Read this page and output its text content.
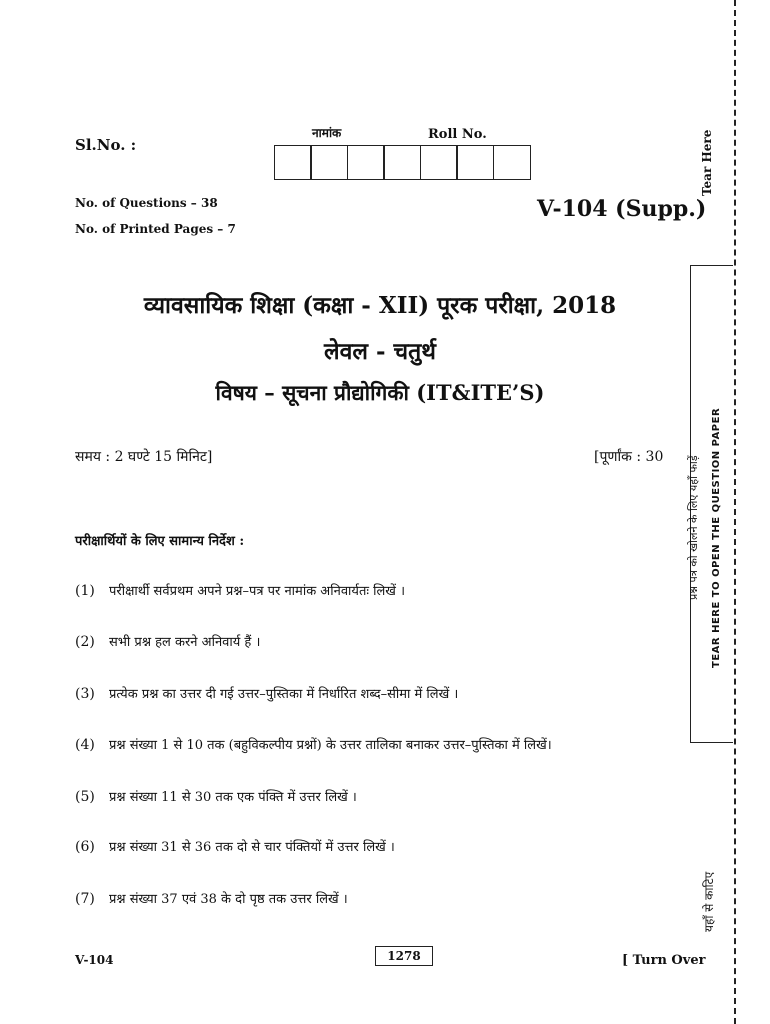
Sl.No. :
नामांक	Roll No.	Tear Here
No. of Questions – 38
No. of Printed Pages – 7
V-104 (Supp.)
व्यावसायिक शिक्षा (कक्षा - XII) पूरक परीक्षा, 2018
लेवल - चतुर्थ
विषय – सूचना प्रौद्योगिकी (IT&ITE’S)
समय : 2 घण्टे 15 मिनिट]	[पूर्णांक : 30
परीक्षार्थियों के लिए सामान्य निर्देश :
(1) परीक्षार्थी सर्वप्रथम अपने प्रश्न–पत्र पर नामांक अनिवार्यतः लिखें ।
(2) सभी प्रश्न हल करने अनिवार्य हैं ।
(3) प्रत्येक प्रश्न का उत्तर दी गई उत्तर–पुस्तिका में निर्धारित शब्द–सीमा में लिखें ।
(4) प्रश्न संख्या 1 से 10 तक (बहुविकल्पीय प्रश्नों) के उत्तर तालिका बनाकर उत्तर–पुस्तिका में लिखें।
(5) प्रश्न संख्या 11 से 30 तक एक पंक्ति में उत्तर लिखें ।
(6) प्रश्न संख्या 31 से 36 तक दो से चार पंक्तियों में उत्तर लिखें ।
(7) प्रश्न संख्या 37 एवं 38 के दो पृष्ठ तक उत्तर लिखें ।
प्रश्न पत्र को खोलने के लिए यहाँ फाड़ें TEAR HERE TO OPEN THE QUESTION PAPER
यहाँ से काटिए
V-104	1278	[ Turn Over
